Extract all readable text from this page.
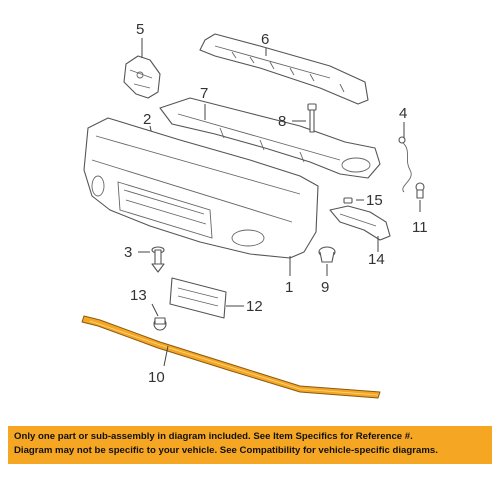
6
5
7
8	4
2
1
15
11
14
3
9
12
13
10

Only one part or sub-assembly in diagram included. See Item Specifics for Reference #.

Diagram may not be specific to your vehicle. See Compatibility for vehicle-specific diagrams.
